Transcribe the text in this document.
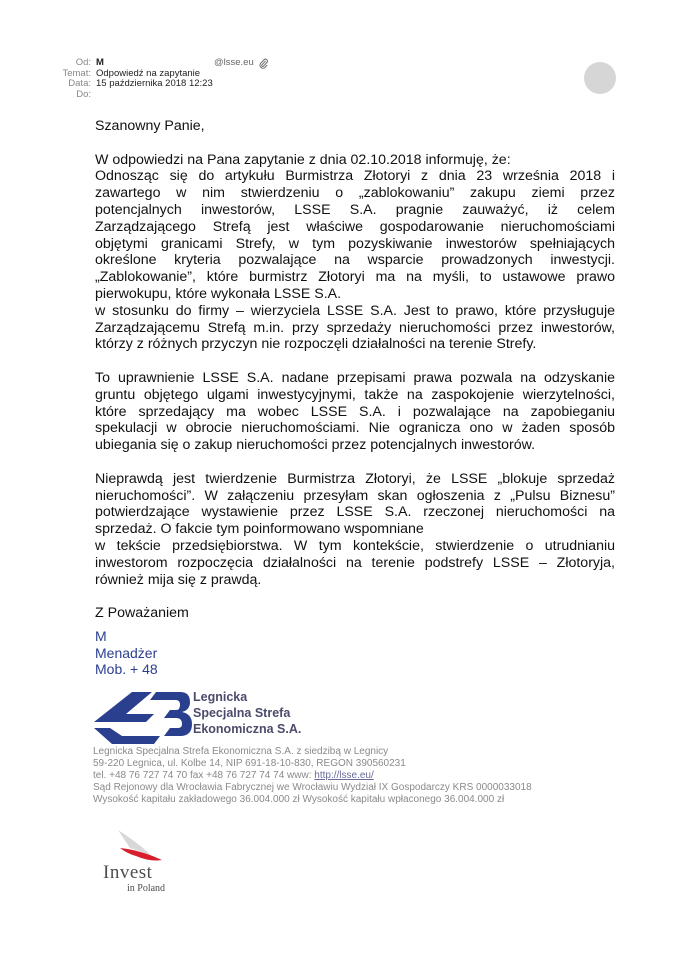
Od: M	@lsse.eu
Temat: Odpowiedź na zapytanie
Data: 15 października 2018 12:23
Do:
Szanowny Panie,
W odpowiedzi na Pana zapytanie z dnia 02.10.2018 informuję, że:
Odnosząc się do artykułu Burmistrza Złotoryi z dnia 23 września 2018 i
zawartego w nim stwierdzeniu o „zablokowaniu” zakupu ziemi przez
potencjalnych inwestorów, LSSE S.A. pragnie zauważyć, iż celem
Zarządzającego Strefą jest właściwe gospodarowanie nieruchomościami
objętymi granicami Strefy, w tym pozyskiwanie inwestorów spełniających
określone kryteria pozwalające na wsparcie prowadzonych inwestycji.
„Zablokowanie”, które burmistrz Złotoryi ma na myśli, to ustawowe prawo
pierwokupu, które wykonała LSSE S.A.
w stosunku do firmy – wierzyciela LSSE S.A. Jest to prawo, które przysługuje
Zarządzającemu Strefą m.in. przy sprzedaży nieruchomości przez inwestorów,
którzy z różnych przyczyn nie rozpoczęli działalności na terenie Strefy.
To uprawnienie LSSE S.A. nadane przepisami prawa pozwala na odzyskanie
gruntu objętego ulgami inwestycyjnymi, także na zaspokojenie wierzytelności,
które sprzedający ma wobec LSSE S.A. i pozwalające na zapobieganiu
spekulacji w obrocie nieruchomościami. Nie ogranicza ono w żaden sposób
ubiegania się o zakup nieruchomości przez potencjalnych inwestorów.
Nieprawdą jest twierdzenie Burmistrza Złotoryi, że LSSE „blokuje sprzedaż
nieruchomości”. W załączeniu przesyłam skan ogłoszenia z „Pulsu Biznesu”
potwierdzające wystawienie przez LSSE S.A. rzeczonej nieruchomości na
sprzedaż. O fakcie tym poinformowano wspomniane
w tekście przedsiębiorstwa. W tym kontekście, stwierdzenie o utrudnianiu
inwestorom rozpoczęcia działalności na terenie podstrefy LSSE – Złotoryja,
również mija się z prawdą.
Z Poważaniem
M
Menadżer
Mob. + 48
Legnicka
Specjalna Strefa
Ekonomiczna S.A.
Legnicka Specjalna Strefa Ekonomiczna S.A. z siedzibą w Legnicy
59-220 Legnica, ul. Kolbe 14, NIP 691-18-10-830, REGON 390560231
tel. +48 76 727 74 70 fax +48 76 727 74 74 www: http://lsse.eu/
Sąd Rejonowy dla Wrocławia Fabrycznej we Wrocławiu Wydział IX Gospodarczy KRS 0000033018
Wysokość kapitału zakładowego 36.004.000 zł Wysokość kapitału wpłaconego 36.004.000 zł
Invest
in Poland
